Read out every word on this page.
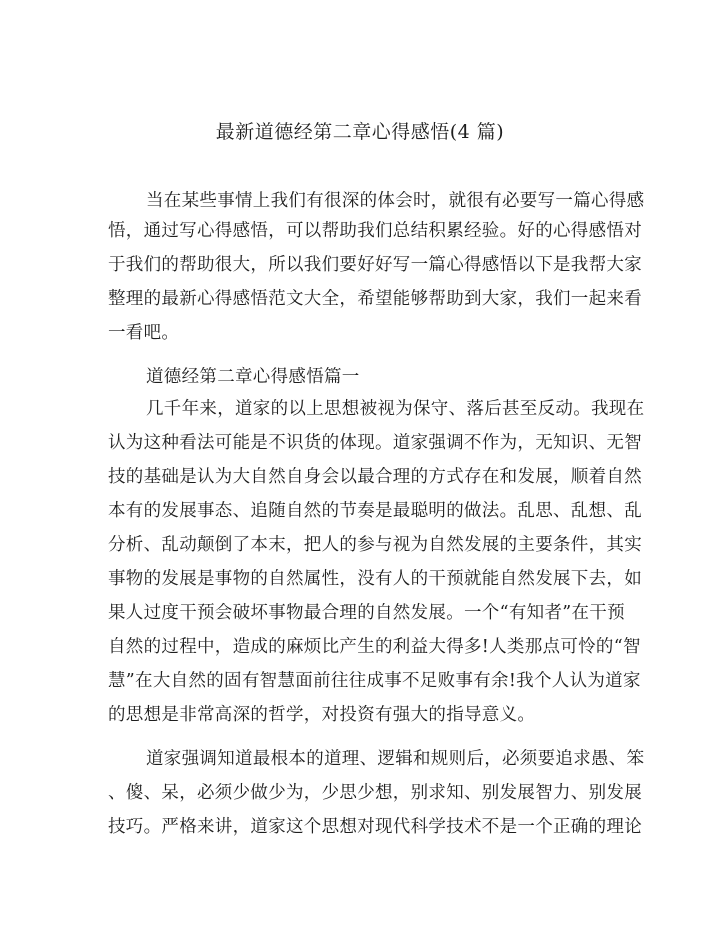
最新道德经第二章心得感悟(4 篇)
当在某些事情上我们有很深的体会时，就很有必要写一篇心得感
悟，通过写心得感悟，可以帮助我们总结积累经验。好的心得感悟对
于我们的帮助很大，所以我们要好好写一篇心得感悟以下是我帮大家
整理的最新心得感悟范文大全，希望能够帮助到大家，我们一起来看
一看吧。
道德经第二章心得感悟篇一
几千年来，道家的以上思想被视为保守、落后甚至反动。我现在
认为这种看法可能是不识货的体现。道家强调不作为，无知识、无智
技的基础是认为大自然自身会以最合理的方式存在和发展，顺着自然
本有的发展事态、追随自然的节奏是最聪明的做法。乱思、乱想、乱
分析、乱动颠倒了本末，把人的参与视为自然发展的主要条件，其实
事物的发展是事物的自然属性，没有人的干预就能自然发展下去，如
果人过度干预会破坏事物最合理的自然发展。一个“有知者”在干预
自然的过程中，造成的麻烦比产生的利益大得多!人类那点可怜的“智
慧”在大自然的固有智慧面前往往成事不足败事有余!我个人认为道家
的思想是非常高深的哲学，对投资有强大的指导意义。
道家强调知道最根本的道理、逻辑和规则后，必须要追求愚、笨
、傻、呆，必须少做少为，少思少想，别求知、别发展智力、别发展
技巧。严格来讲，道家这个思想对现代科学技术不是一个正确的理论
